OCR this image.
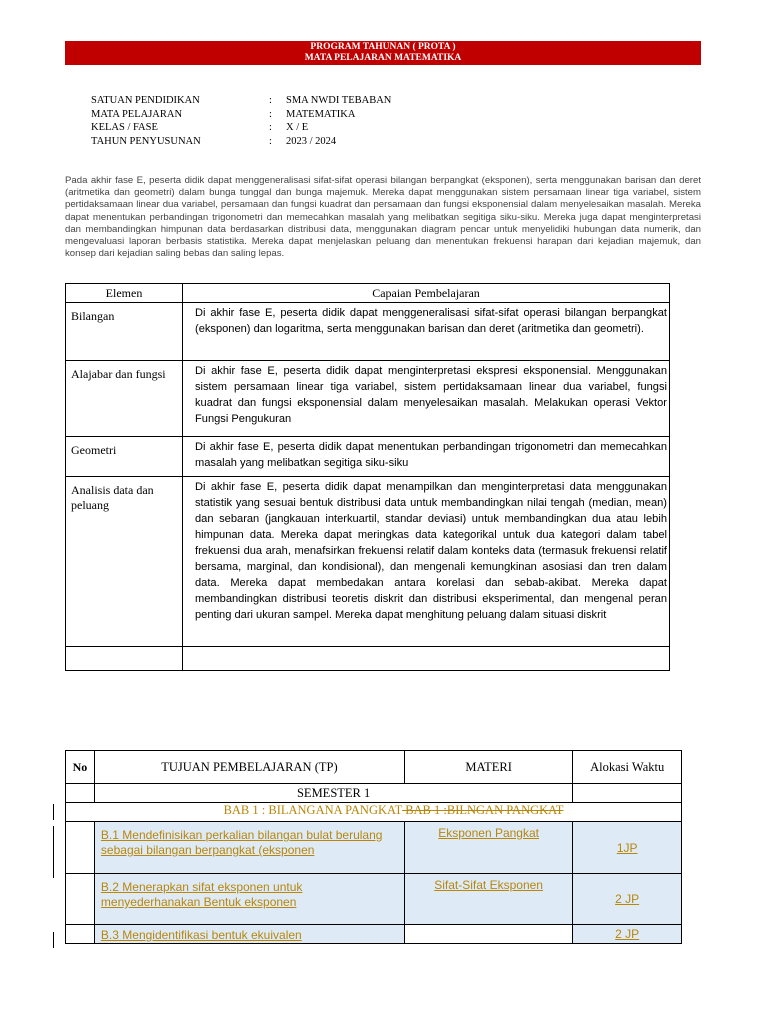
PROGRAM TAHUNAN ( PROTA )
MATA PELAJARAN MATEMATIKA
SATUAN PENDIDIKAN	:	SMA NWDI TEBABAN
MATA PELAJARAN	:	MATEMATIKA
KELAS / FASE	:	X / E
TAHUN PENYUSUNAN	:	2023 / 2024
Pada akhir fase E, peserta didik dapat menggeneralisasi sifat-sifat operasi bilangan berpangkat (eksponen), serta menggunakan barisan dan deret (aritmetika dan geometri) dalam bunga tunggal dan bunga majemuk. Mereka dapat menggunakan sistem persamaan linear tiga variabel, sistem pertidaksamaan linear dua variabel, persamaan dan fungsi kuadrat dan persamaan dan fungsi eksponensial dalam menyelesaikan masalah. Mereka dapat menentukan perbandingan trigonometri dan memecahkan masalah yang melibatkan segitiga siku-siku. Mereka juga dapat menginterpretasi dan membandingkan himpunan data berdasarkan distribusi data, menggunakan diagram pencar untuk menyelidiki hubungan data numerik, dan mengevaluasi laporan berbasis statistika. Mereka dapat menjelaskan peluang dan menentukan frekuensi harapan dari kejadian majemuk, dan konsep dari kejadian saling bebas dan saling lepas.
Elemen	Capaian Pembelajaran
Bilangan	Di akhir fase E, peserta didik dapat menggeneralisasi sifat-sifat operasi bilangan berpangkat (eksponen) dan logaritma, serta menggunakan barisan dan deret (aritmetika dan geometri).
Alajabar dan fungsi	Di akhir fase E, peserta didik dapat menginterpretasi ekspresi eksponensial. Menggunakan sistem persamaan linear tiga variabel, sistem pertidaksamaan linear dua variabel, fungsi kuadrat dan fungsi eksponensial dalam menyelesaikan masalah. Melakukan operasi Vektor Fungsi Pengukuran
Geometri	Di akhir fase E, peserta didik dapat menentukan perbandingan trigonometri dan memecahkan masalah yang melibatkan segitiga siku-siku
Analisis data dan peluang	Di akhir fase E, peserta didik dapat menampilkan dan menginterpretasi data menggunakan statistik yang sesuai bentuk distribusi data untuk membandingkan nilai tengah (median, mean) dan sebaran (jangkauan interkuartil, standar deviasi) untuk membandingkan dua atau lebih himpunan data. Mereka dapat meringkas data kategorikal untuk dua kategori dalam tabel frekuensi dua arah, menafsirkan frekuensi relatif dalam konteks data (termasuk frekuensi relatif bersama, marginal, dan kondisional), dan mengenali kemungkinan asosiasi dan tren dalam data. Mereka dapat membedakan antara korelasi dan sebab-akibat. Mereka dapat membandingkan distribusi teoretis diskrit dan distribusi eksperimental, dan mengenal peran penting dari ukuran sampel. Mereka dapat menghitung peluang dalam situasi diskrit

No	TUJUAN PEMBELAJARAN (TP)	MATERI	Alokasi Waktu
	SEMESTER 1		
BAB 1 : BILANGANA PANGKAT BAB 1 :BILNGAN PANGKAT			
	B.1 Mendefinisikan perkalian bilangan bulat berulang sebagai bilangan berpangkat (eksponen	Eksponen Pangkat	1JP
	B.2 Menerapkan sifat eksponen untuk menyederhanakan Bentuk eksponen	Sifat-Sifat Eksponen	2 JP
	B.3 Mengidentifikasi bentuk ekuivalen		2 JP
